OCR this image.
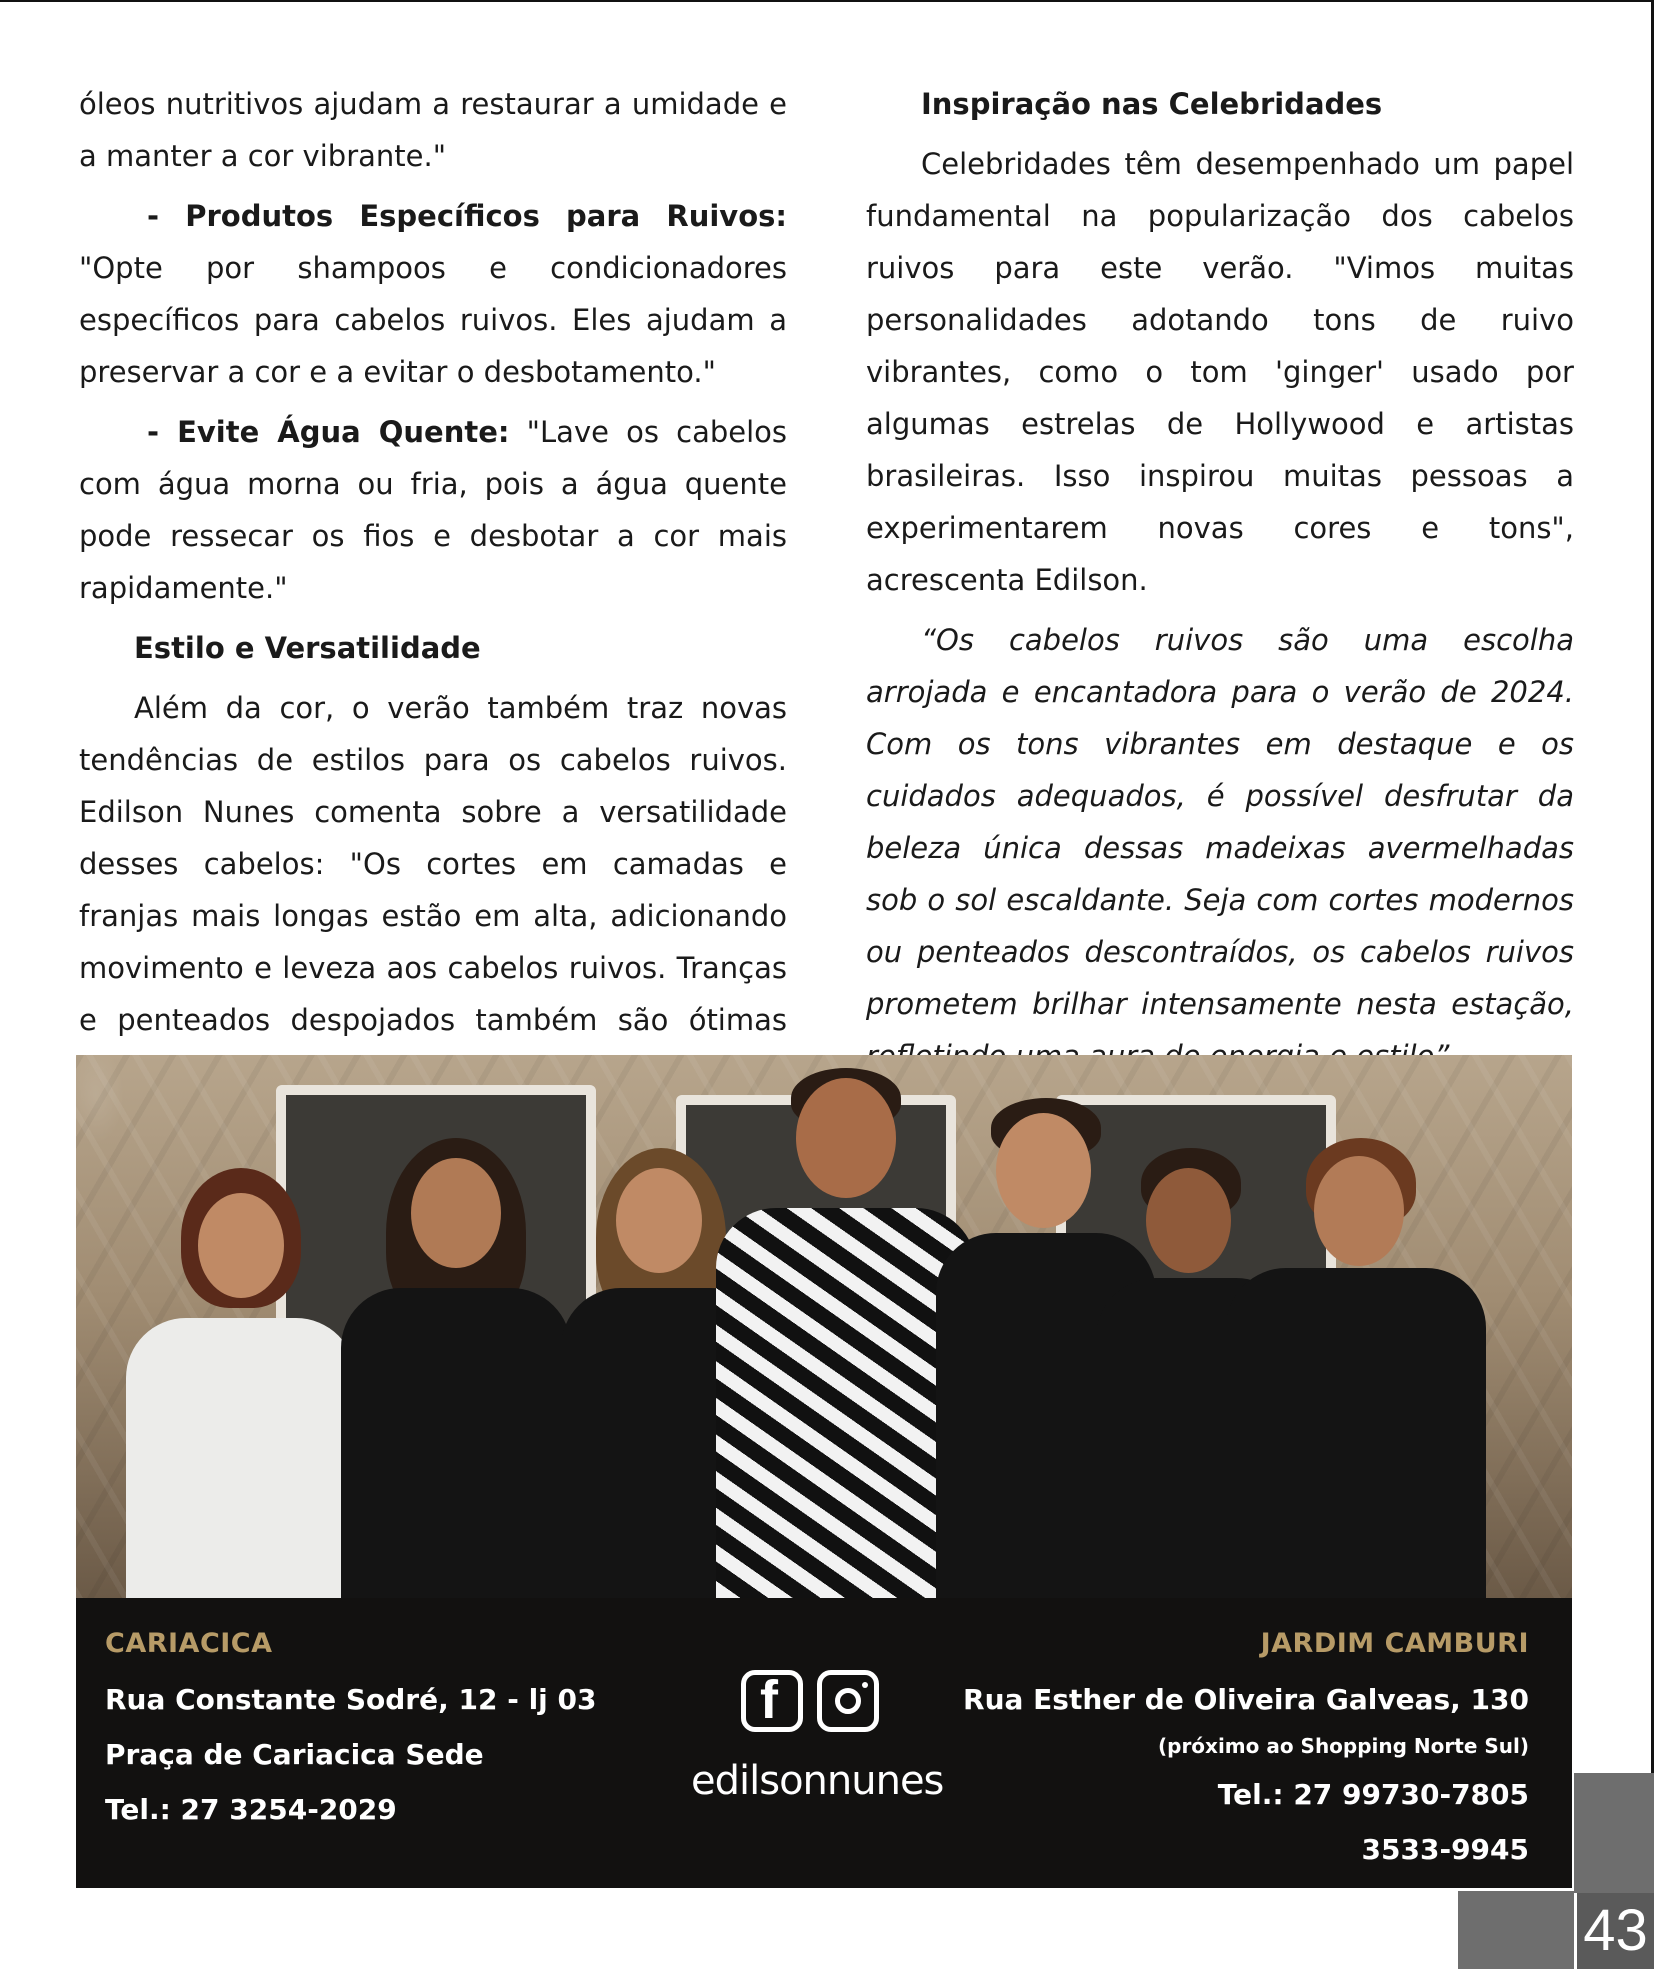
óleos nutritivos ajudam a restaurar a umidade e a manter a cor vibrante."

- Produtos Específicos para Ruivos: "Opte por shampoos e condicionadores específicos para cabelos ruivos. Eles ajudam a preservar a cor e a evitar o desbotamento."

- Evite Água Quente: "Lave os cabelos com água morna ou fria, pois a água quente pode ressecar os fios e desbotar a cor mais rapidamente."

Estilo e Versatilidade

Além da cor, o verão também traz novas tendências de estilos para os cabelos ruivos. Edilson Nunes comenta sobre a versatilidade desses cabelos: "Os cortes em camadas e franjas mais longas estão em alta, adicionando movimento e leveza aos cabelos ruivos. Tranças e penteados despojados também são ótimas

Inspiração nas Celebridades

Celebridades têm desempenhado um papel fundamental na popularização dos cabelos ruivos para este verão. "Vimos muitas personalidades adotando tons de ruivo vibrantes, como o tom 'ginger' usado por algumas estrelas de Hollywood e artistas brasileiras. Isso inspirou muitas pessoas a experimentarem novas cores e tons", acrescenta Edilson.

“Os cabelos ruivos são uma escolha arrojada e encantadora para o verão de 2024. Com os tons vibrantes em destaque e os cuidados adequados, é possível desfrutar da beleza única dessas madeixas avermelhadas sob o sol escaldante. Seja com cortes modernos ou penteados descontraídos, os cabelos ruivos prometem brilhar intensamente nesta estação,

CARIACICA
Rua Constante Sodré, 12 - lj 03
Praça de Cariacica Sede
Tel.: 27 3254-2029
f
edilsonnunes
JARDIM CAMBURI
Rua Esther de Oliveira Galveas, 130
(próximo ao Shopping Norte Sul)
Tel.: 27 99730-7805
3533-9945
43
